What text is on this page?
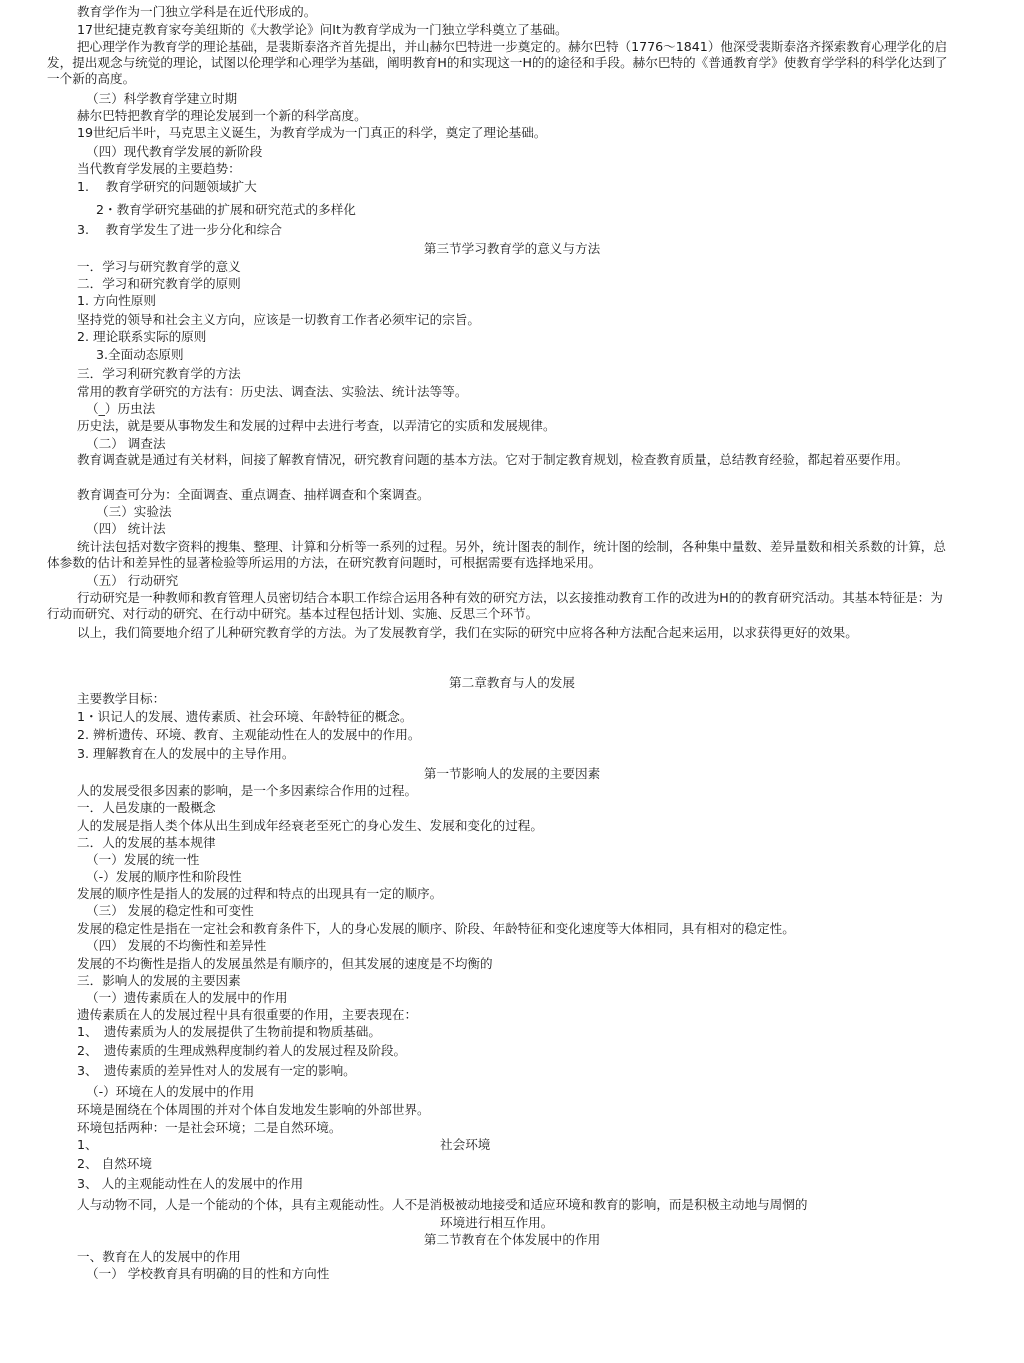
教育学作为一门独立学科是在近代形成的。
17世纪捷克教育家夸美纽斯的《大教学论》问It为教育学成为一门独立学科奠立了基础。
把心理学作为教育学的理论基础，是裴斯泰洛齐首先提出，并山赫尔巴特进一步奠定的。赫尔巴特（1776～1841）他深受裴斯泰洛齐探索教育心理学化的启发，提出观念与统觉的理论，试图以伦理学和心理学为基础，阐明教育H的和实现这一H的的途径和手段。赫尔巴特的《普通教育学》使教育学学科的科学化达到了一个新的高度。
（三）科学教育学建立时期
赫尔巴特把教育学的理论发展到一个新的科学高度。
19世纪后半叶，马克思主义诞生，为教育学成为一门真正的科学，奠定了理论基础。
（四）现代教育学发展的新阶段
当代教育学发展的主要趋势：
1.　 教育学研究的问题领域扩大
2・教育学研究基础的扩展和研究范式的多样化
3.　 教育学发生了进一步分化和综合
第三节学习教育学的意义与方法
一．学习与研究教育学的意义
二．学习和研究教育学的原则
1. 方向性原则
坚持党的领导和社会主义方向，应该是一切教育工作者必须牢记的宗旨。
2. 理论联系实际的原则
3.全面动态原则
三．学习利研究教育学的方法
常用的教育学研究的方法有：历史法、调查法、实验法、统计法等等。
（_）历虫法
历史法，就是要从事物发生和发展的过稈中去进行考查，以弄清它的实质和发展规律。
（二） 调查法
教育调查就是通过有关材料，间接了解教育情况，研究教育问题的基本方法。它对于制定教育规划，检查教育质量，总结教育经验，都起着巫要作用。
教育调查可分为：全面调查、重点调查、抽样调查和个案调查。
（三）实验法
（四） 统计法
统计法包括对数字资料的搜集、整理、计算和分析等一系列的过程。另外，统计图表的制作，统计图的绘制，各种集中量数、差异量数和相关系数的计算，总体参数的估计和差异性的显著检验等所运用的方法，在研究教育问题时，可根据需要有选择地采用。
（五） 行动研究
行动研究是一种教师和教育管理人员密切结合本职工作综合运用各种有效的研究方法，以玄接推动教育工作的改进为H的的教育研究活动。其基本特征是：为行动而研究、对行动的研究、在行动中研究。基本过程包括计划、实施、反思三个环节。
以上，我们简要地介绍了儿种研究教育学的方法。为了发展教育学，我们在实际的研究中应将各种方法配合起来运用，以求获得更好的效果。
第二章教育与人的发展
主要教学目标：
1・识记人的发展、遗传素质、社会环境、年龄特征的概念。
2. 辨析遗传、环境、教育、主观能动性在人的发展中的作用。
3. 理解教育在人的发展中的主导作用。
第一节影响人的发展的主要因素
人的发展受很多因素的影响，是一个多因素综合作用的过程。
一．人邑发康的一酘概念
人的发展是指人类个体从出生到成年经衰老至死亡的身心发生、发展和变化的过程。
二．人的发展的基本规律
（一）发展的统一性
（-）发展的顺序性和阶段性
发展的顺序性是指人的发展的过稈和特点的出现具有一定的顺序。
（三） 发展的稳定性和可变性
发展的稳定性是指在一定社会和教育条件下，人的身心发展的顺序、阶段、年龄特征和变化速度等大体相同，具有相对的稳定性。
（四） 发展的不均衡性和差异性
发展的不均衡性是指人的发展虽然是有顺序的，但其发展的速度是不均衡的
三．影响人的发展的主要因素
（一）遗传素质在人的发展中的作用
遗传素质在人的发展过程屮具有很重要的作用，主要表现在：
1、　遗传素质为人的发展提供了生物前提和物质基础。
2、　遗传素质的生理成熟稈度制约着人的发展过程及阶段。
3、　遗传素质的差异性对人的发展有一定的影响。
（-）环境在人的发展中的作用
环境是囿绕在个体周围的并对个体自发地发生影响的外部世界。
环境包括两种：一是社会环境；二是自然环境。
1、	社会环境
2、 自然环境
3、 人的主观能动性在人的发展中的作用
人与动物不同，人是一个能动的个体，具有主观能动性。人不是消极被动地接受和适应环境和教育的影响，而是积极主动地与周惘的
环境进行相互作用。
第二节教育在个体发展中的作用
一、教育在人的发展中的作用
（一） 学校教育具有明确的目的性和方向性
